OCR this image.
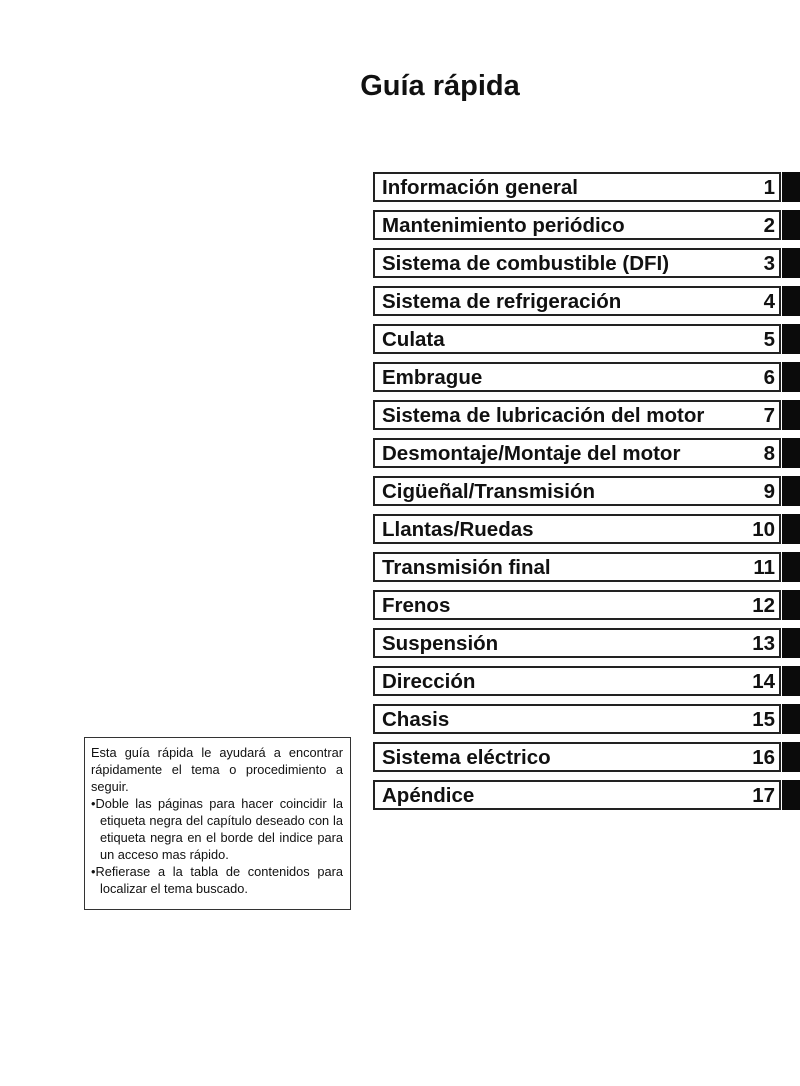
Guía rápida
Información general	1
Mantenimiento periódico	2
Sistema de combustible (DFI)	3
Sistema de refrigeración	4
Culata	5
Embrague	6
Sistema de lubricación del motor	7
Desmontaje/Montaje del motor	8
Cigüeñal/Transmisión	9
Llantas/Ruedas	10
Transmisión final	11
Frenos	12
Suspensión	13
Dirección	14
Chasis	15
Sistema eléctrico	16
Apéndice	17

Esta guía rápida le ayudará a encontrar rápidamente el tema o procedimiento a seguir.

•Doble las páginas para hacer coincidir la etiqueta negra del capítulo deseado con la etiqueta negra en el borde del indice para un acceso mas rápido.

•Refierase a la tabla de contenidos para localizar el tema buscado.
